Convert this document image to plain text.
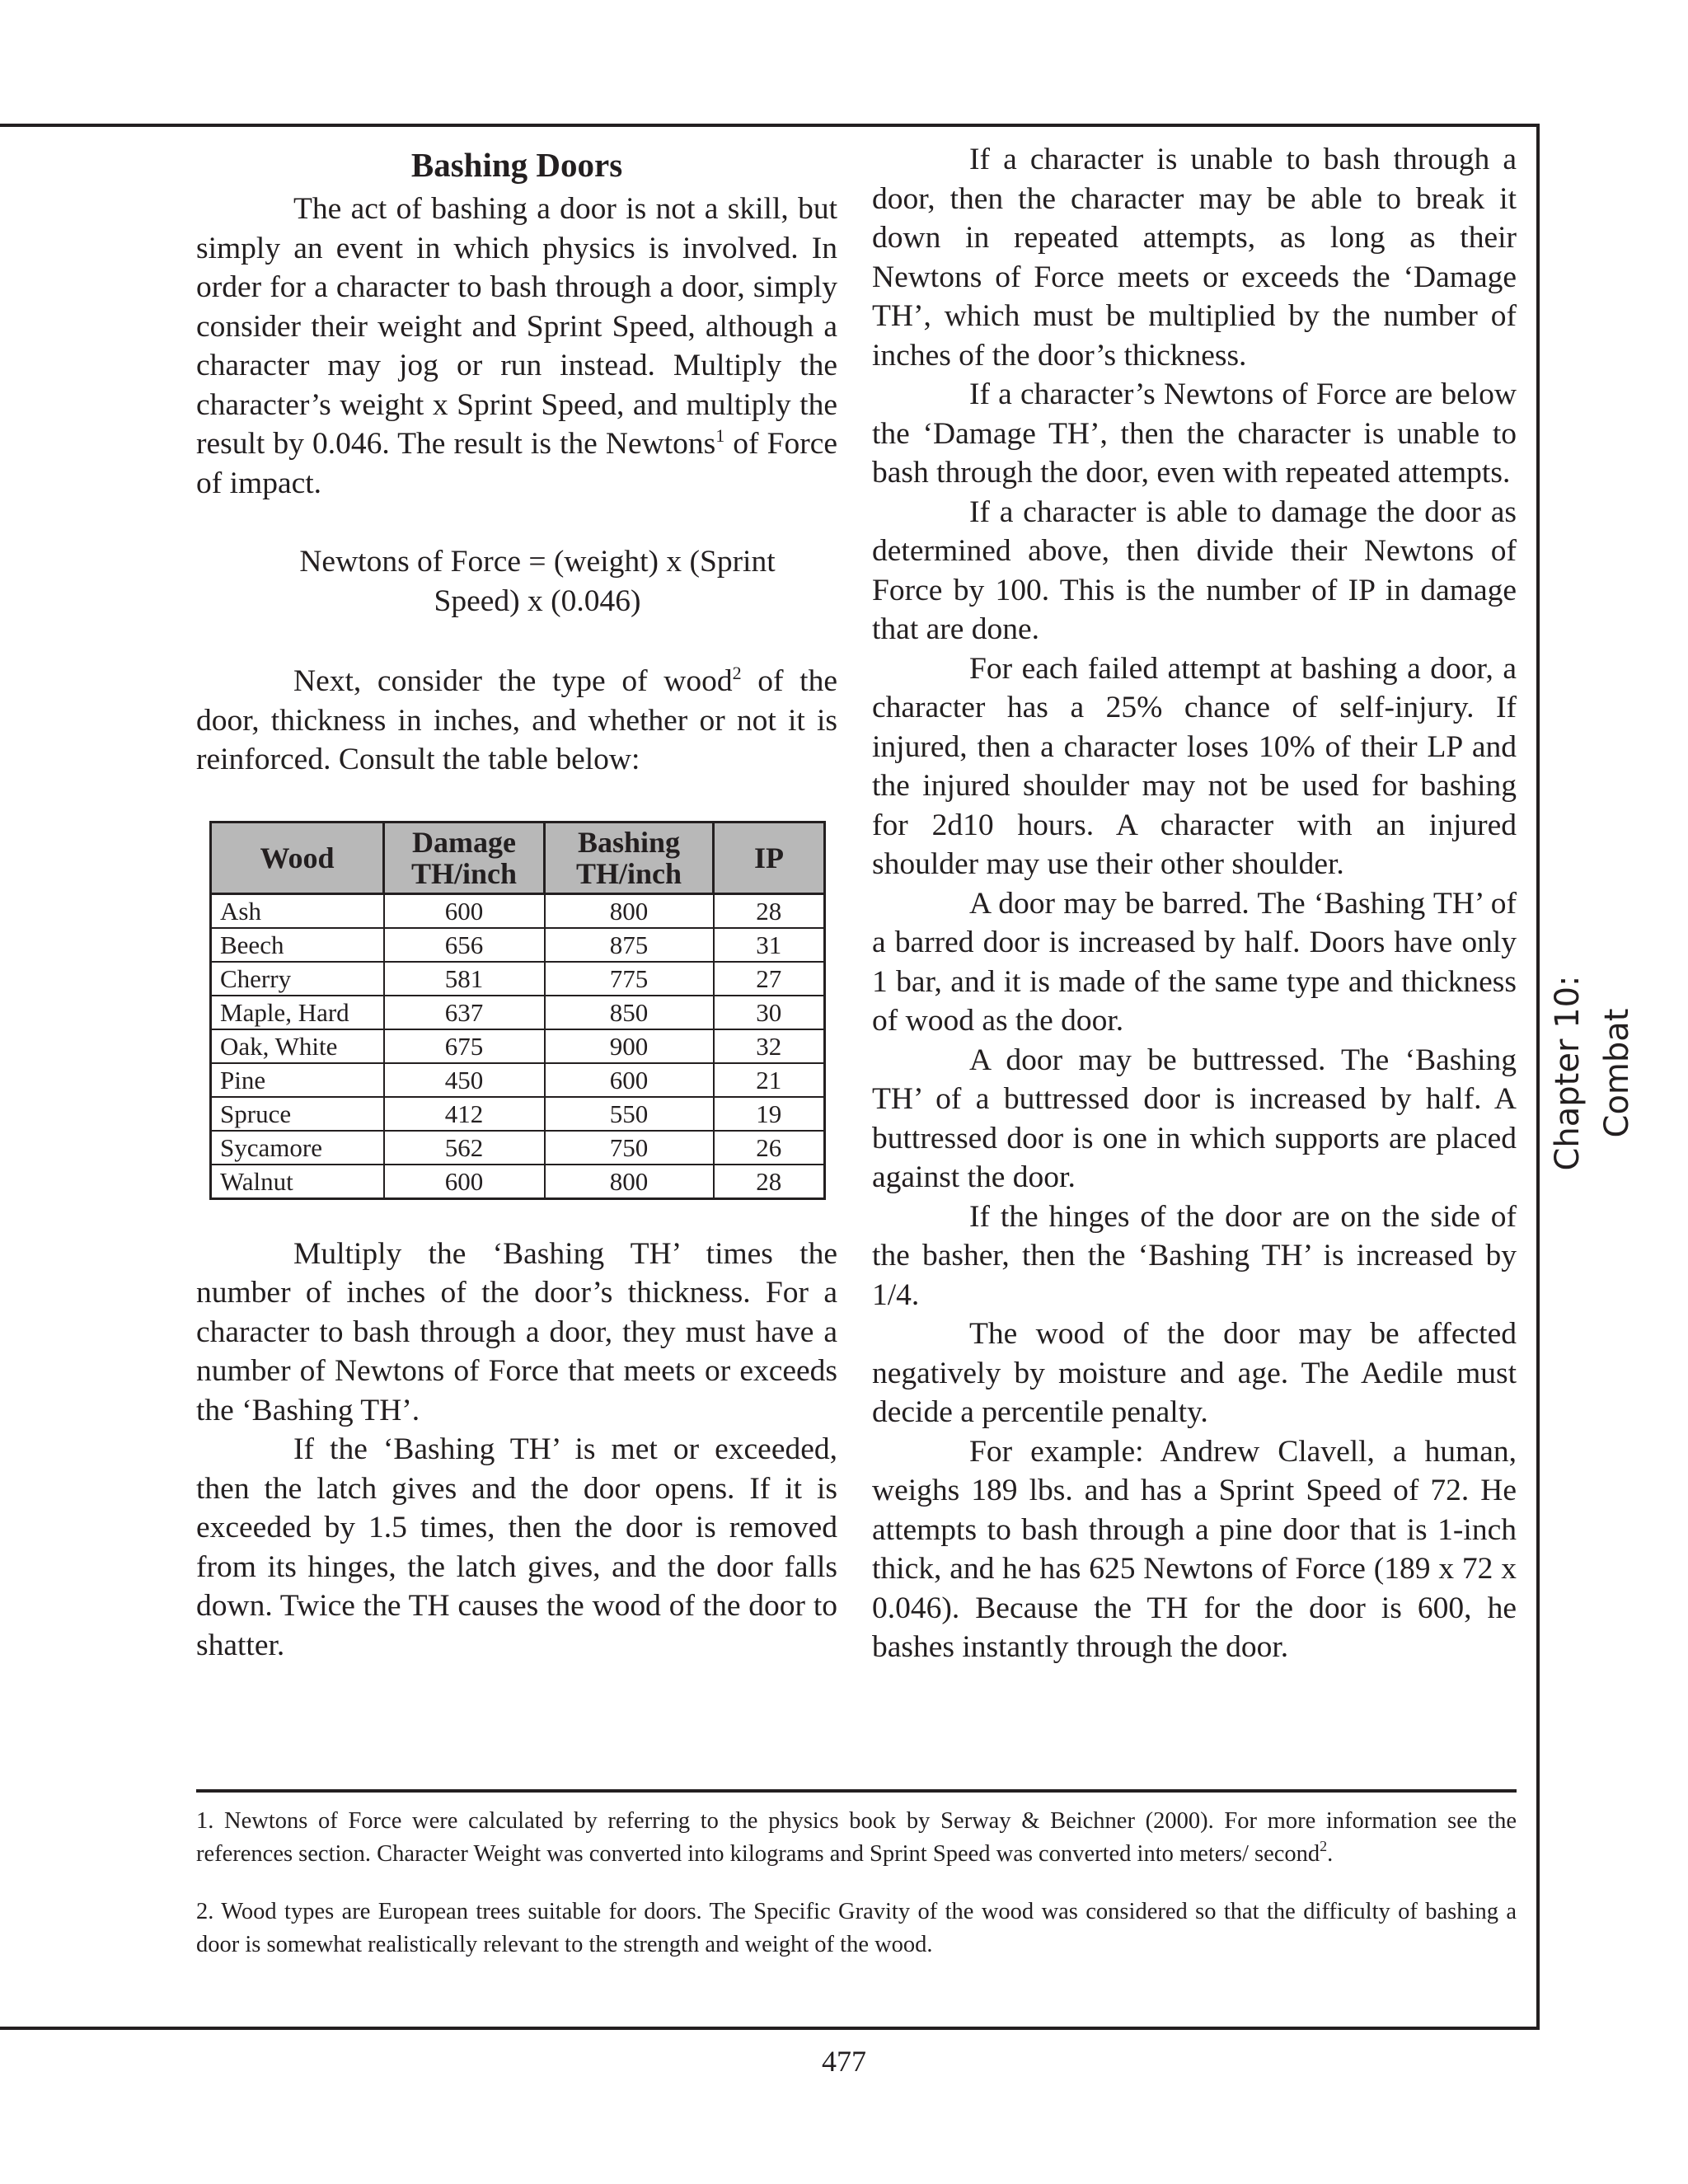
Bashing Doors

The act of bashing a door is not a skill, but simply an event in which physics is involved. In order for a character to bash through a door, simply consider their weight and Sprint Speed, although a character may jog or run instead. Multiply the character’s weight x Sprint Speed, and multiply the result by 0.046. The result is the Newtons$^1$ of Force of impact.

Newtons of Force = (weight) x (Sprint Speed) x (0.046)

Next, consider the type of wood$^2$ of the door, thickness in inches, and whether or not it is reinforced. Consult the table below:

Wood	Damage TH/inch	Bashing TH/inch	IP
Ash	600	800	28
Beech	656	875	31
Cherry	581	775	27
Maple, Hard	637	850	30
Oak, White	675	900	32
Pine	450	600	21
Spruce	412	550	19
Sycamore	562	750	26
Walnut	600	800	28

Multiply the ‘Bashing TH’ times the number of inches of the door’s thickness. For a character to bash through a door, they must have a number of Newtons of Force that meets or exceeds the ‘Bashing TH’.

If the ‘Bashing TH’ is met or exceeded, then the latch gives and the door opens. If it is exceeded by 1.5 times, then the door is removed from its hinges, the latch gives, and the door falls down. Twice the TH causes the wood of the door to shatter.

If a character is unable to bash through a door, then the character may be able to break it down in repeated attempts, as long as their Newtons of Force meets or exceeds the ‘Damage TH’, which must be multiplied by the number of inches of the door’s thickness.

If a character’s Newtons of Force are below the ‘Damage TH’, then the character is unable to bash through the door, even with repeated attempts.

If a character is able to damage the door as determined above, then divide their Newtons of Force by 100. This is the number of IP in damage that are done.

For each failed attempt at bashing a door, a character has a 25% chance of self-injury. If injured, then a character loses 10% of their LP and the injured shoulder may not be used for bashing for 2d10 hours. A character with an injured shoulder may use their other shoulder.

A door may be barred. The ‘Bashing TH’ of a barred door is increased by half. Doors have only 1 bar, and it is made of the same type and thickness of wood as the door.

A door may be buttressed. The ‘Bashing TH’ of a buttressed door is increased by half. A buttressed door is one in which supports are placed against the door.

If the hinges of the door are on the side of the basher, then the ‘Bashing TH’ is increased by 1/4.

The wood of the door may be affected negatively by moisture and age. The Aedile must decide a percentile penalty.

For example: Andrew Clavell, a human, weighs 189 lbs. and has a Sprint Speed of 72. He attempts to bash through a pine door that is 1-inch thick, and he has 625 Newtons of Force (189 x 72 x 0.046). Because the TH for the door is 600, he bashes instantly through the door.

Chapter 10: Combat

1. Newtons of Force were calculated by referring to the physics book by Serway & Beichner (2000). For more information see the references section. Character Weight was converted into kilograms and Sprint Speed was converted into meters/ second$^2$.

2. Wood types are European trees suitable for doors. The Specific Gravity of the wood was considered so that the difficulty of bashing a door is somewhat realistically relevant to the strength and weight of the wood.

477
